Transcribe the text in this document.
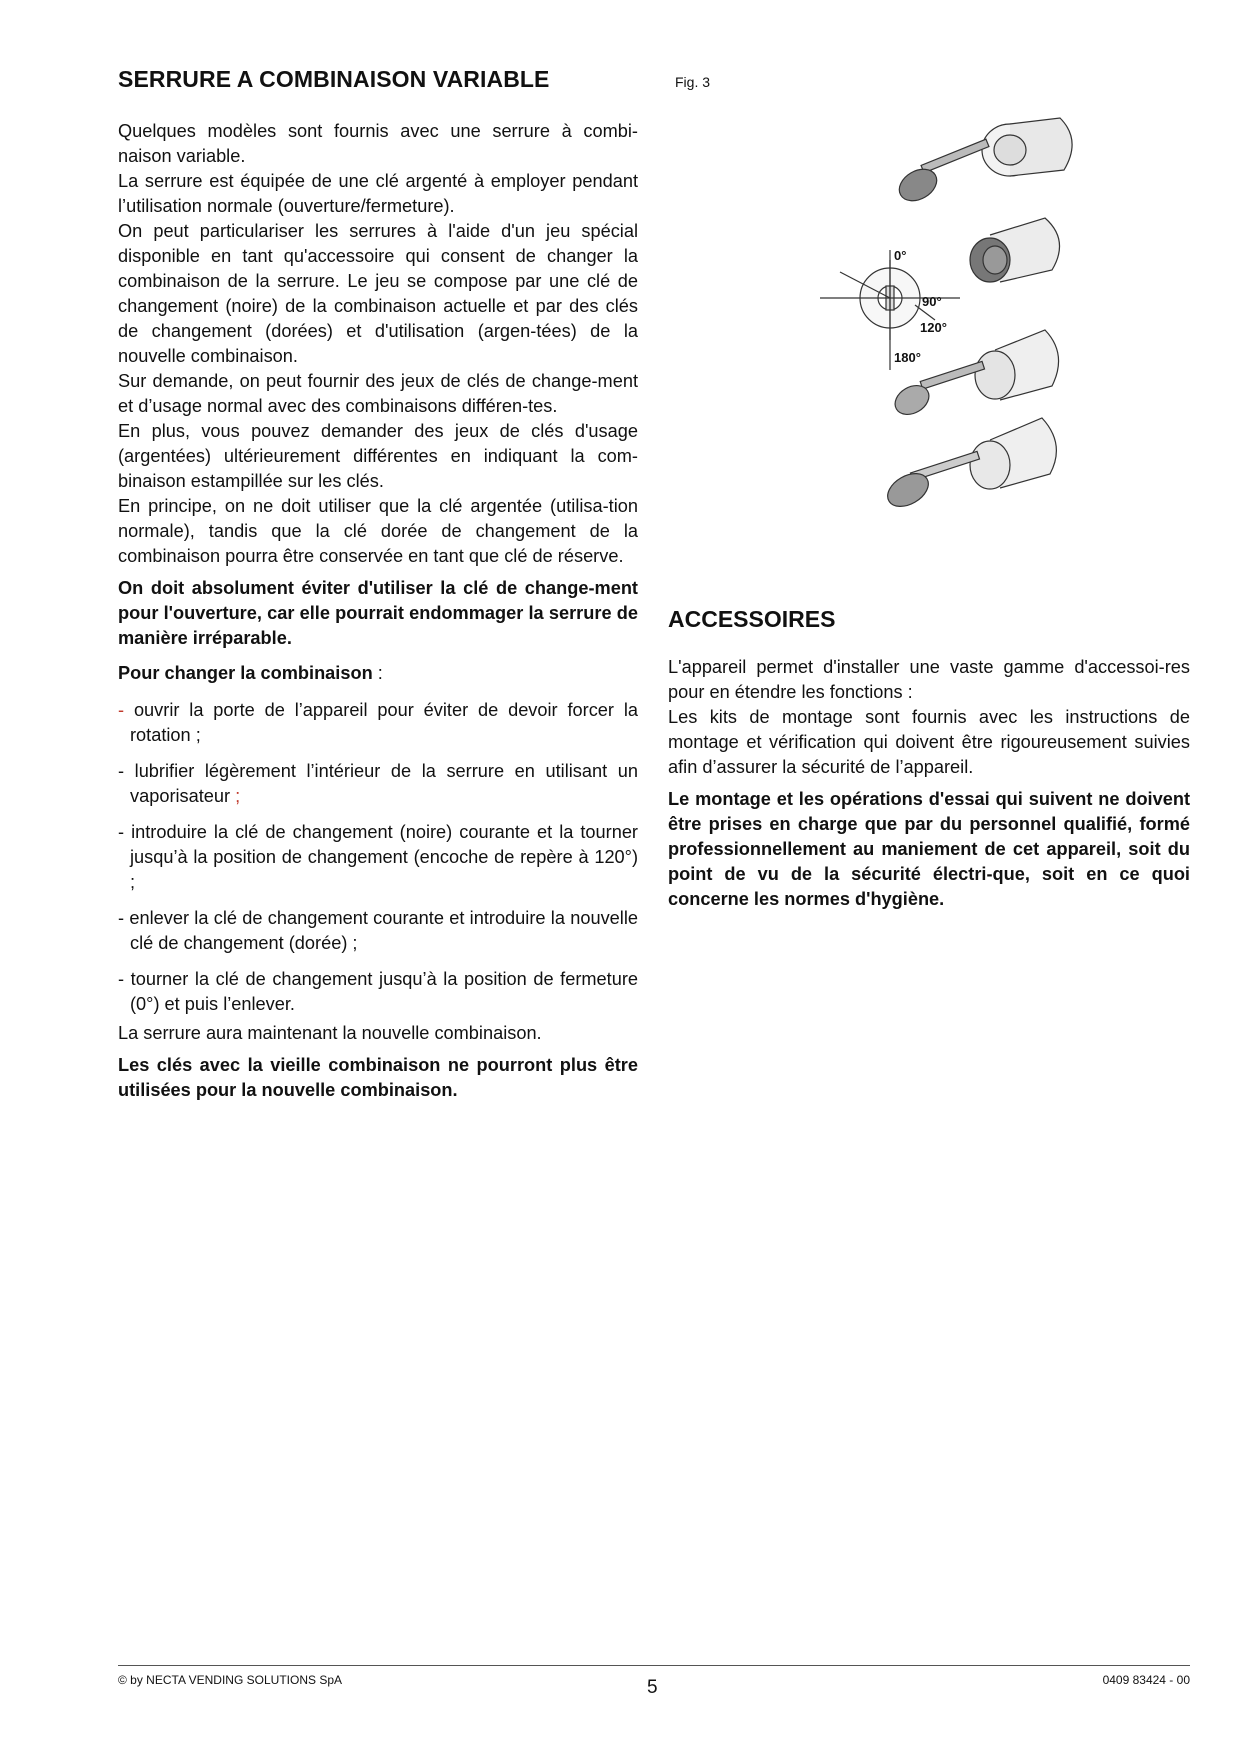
SERRURE A COMBINAISON VARIABLE

Quelques modèles sont fournis avec une serrure à combi-naison variable.

La serrure est équipée de une clé argenté à employer pendant l’utilisation normale (ouverture/fermeture).

On peut particulariser les serrures à l'aide d'un jeu spécial disponible en tant qu'accessoire qui consent de changer la combinaison de la serrure. Le jeu se compose par une clé de changement (noire) de la combinaison actuelle et par des clés de changement (dorées) et d'utilisation (argen-tées) de la nouvelle combinaison.

Sur demande, on peut fournir des jeux de clés de change-ment et d’usage normal avec des combinaisons différen-tes.

En plus, vous pouvez demander des jeux de clés d'usage (argentées) ultérieurement différentes en indiquant la com-binaison estampillée sur les clés.

En principe, on ne doit utiliser que la clé argentée (utilisa-tion normale), tandis que la clé dorée de changement de la combinaison pourra être conservée en tant que clé de réserve.

On doit absolument éviter d'utiliser la clé de change-ment pour l'ouverture, car elle pourrait endommager la serrure de manière irréparable.

Pour changer la combinaison :

- ouvrir la porte de l’appareil pour éviter de devoir forcer la rotation ;
- lubrifier légèrement l’intérieur de la serrure en utilisant un vaporisateur ;
- introduire la clé de changement (noire) courante et la tourner jusqu’à la position de changement (encoche de repère à 120°) ;
- enlever la clé de changement courante et introduire la nouvelle clé de changement (dorée) ;
- tourner la clé de changement jusqu’à la position de fermeture (0°) et puis l’enlever.

La serrure aura maintenant la nouvelle combinaison.

Les clés avec la vieille combinaison ne pourront plus être utilisées pour la nouvelle combinaison.

Fig. 3
0°
90°
120°
180°
ACCESSOIRES

L'appareil permet d'installer une vaste gamme d'accessoi-res pour en étendre les fonctions :

Les kits de montage sont fournis avec les instructions de montage et vérification qui doivent être rigoureusement suivies afin d’assurer la sécurité de l’appareil.

Le montage et les opérations d'essai qui suivent ne doivent être prises en charge que par du personnel qualifié, formé professionnellement au maniement de cet appareil, soit du point de vu de la sécurité électri-que, soit en ce quoi concerne les normes d'hygiène.

© by NECTA VENDING SOLUTIONS SpA	5	0409 83424 - 00
